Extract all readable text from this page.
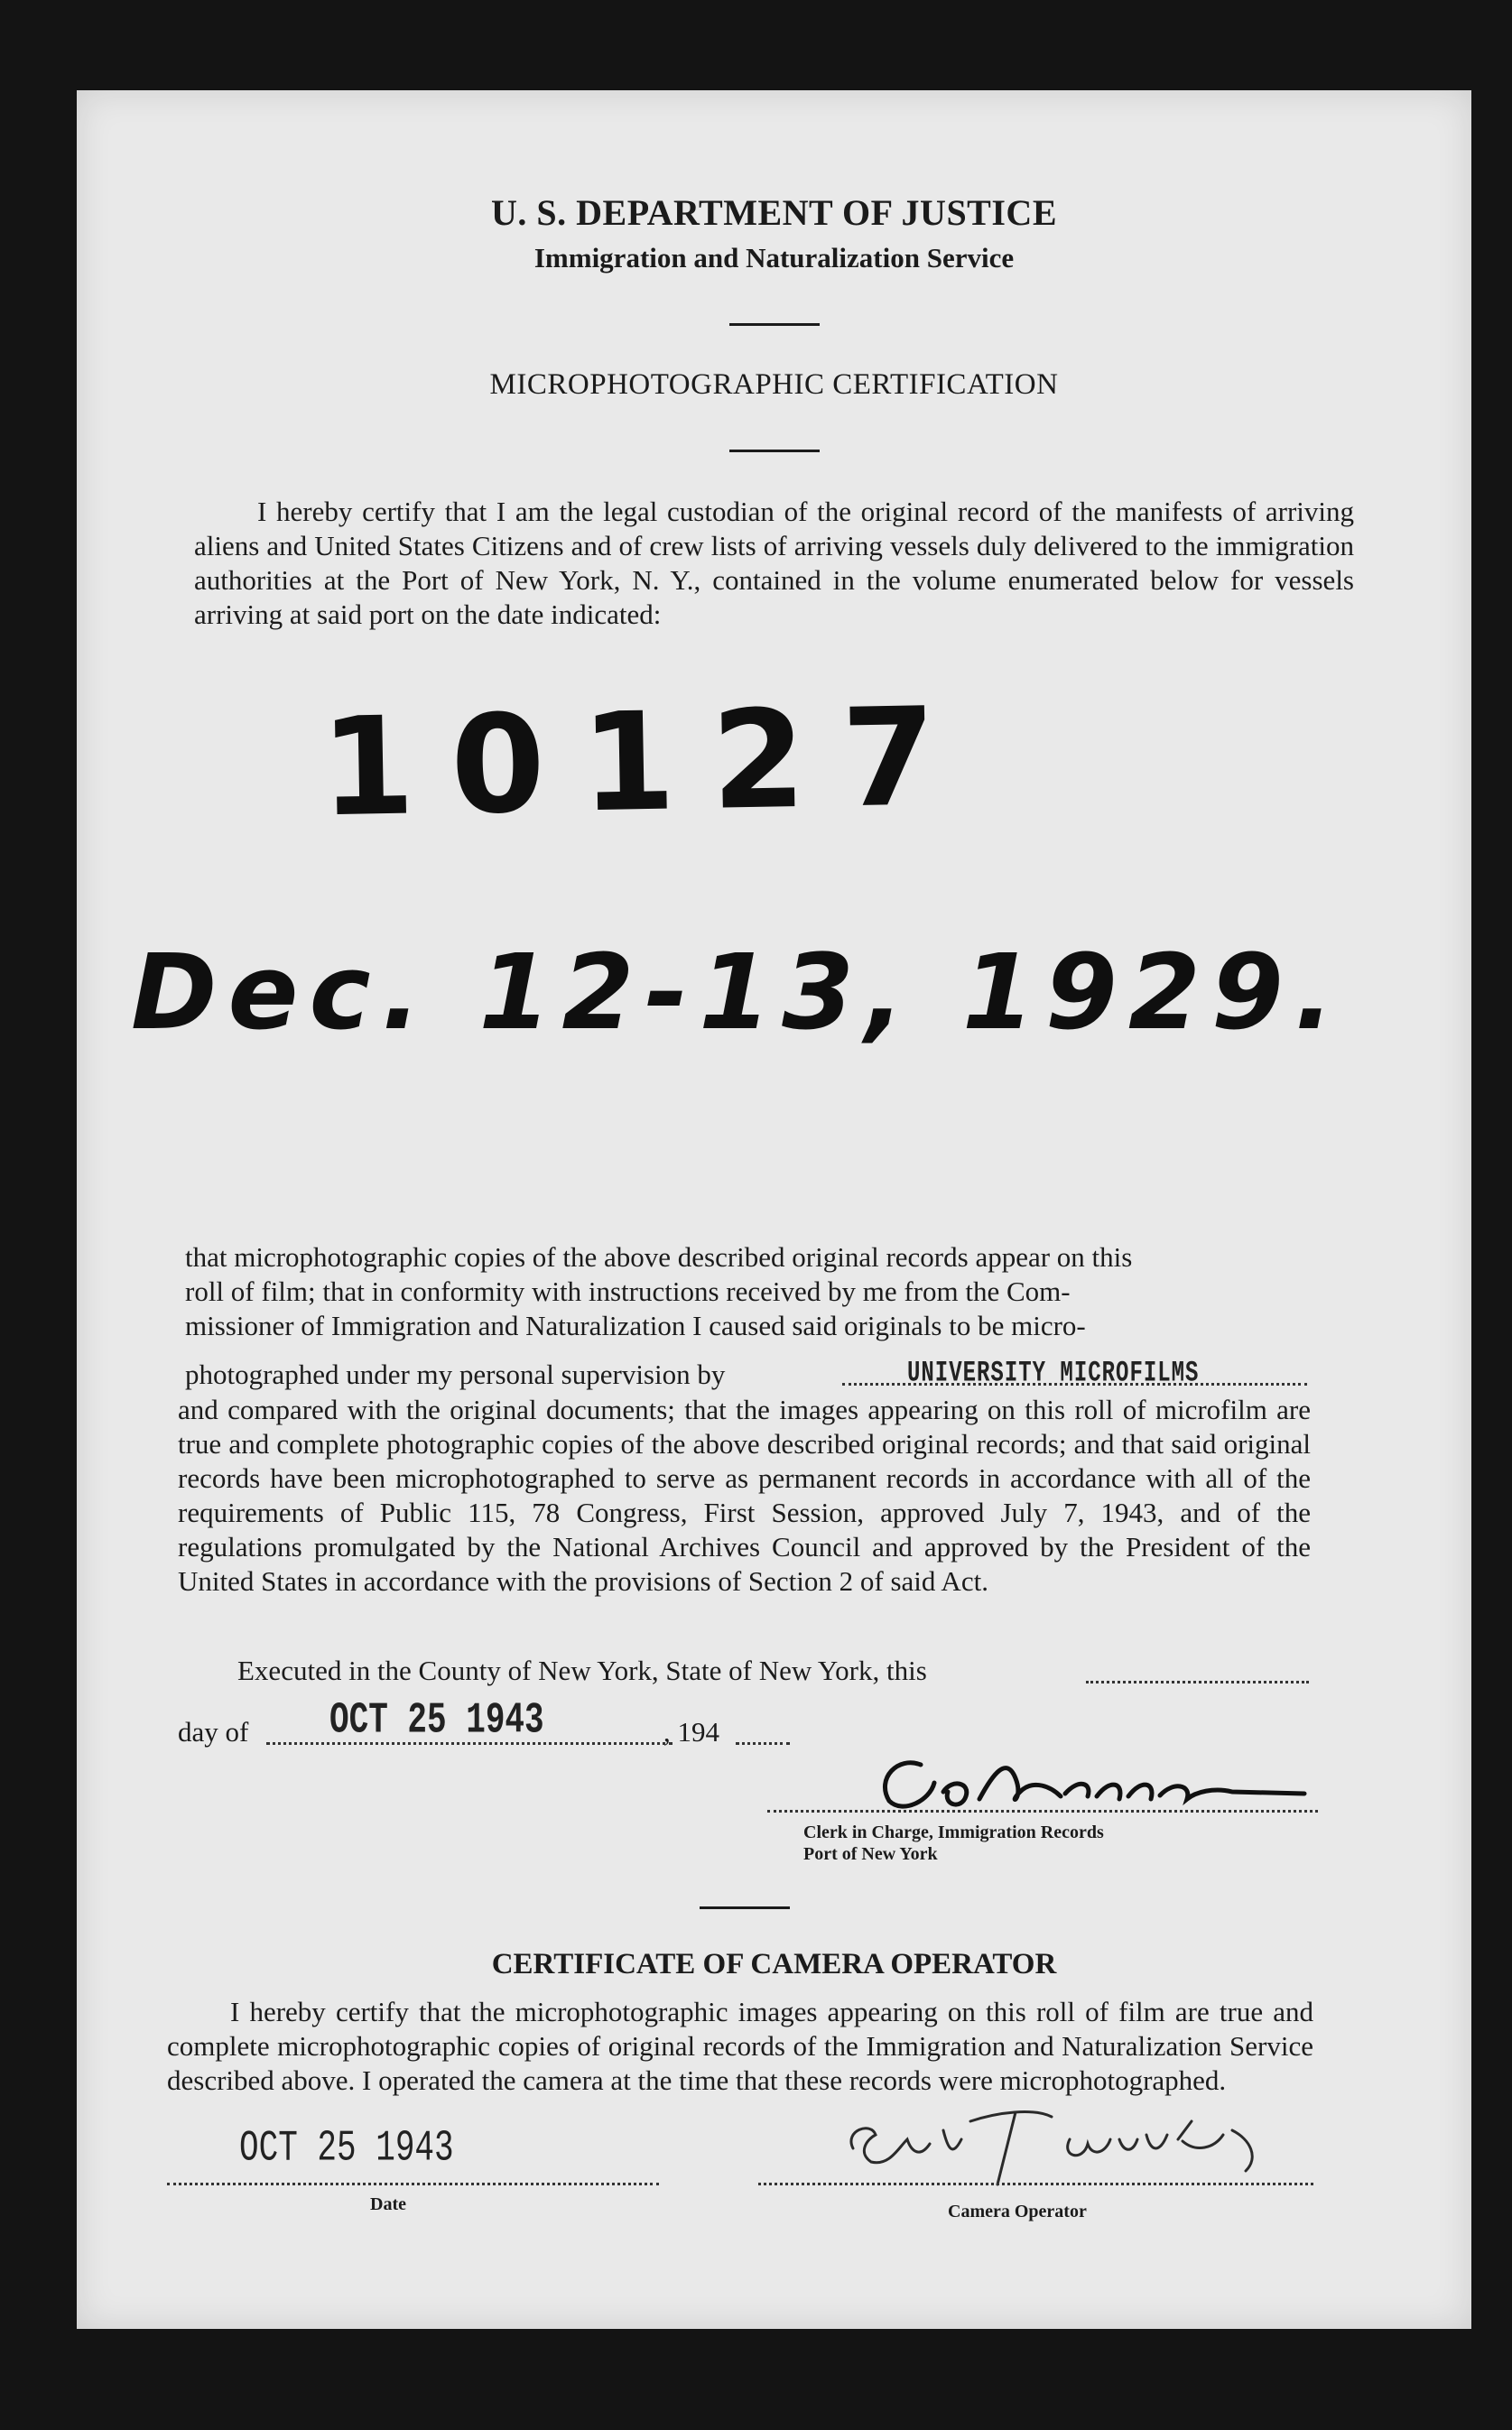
U. S. DEPARTMENT OF JUSTICE
Immigration and Naturalization Service
MICROPHOTOGRAPHIC CERTIFICATION
I hereby certify that I am the legal custodian of the original record of the manifests of arriving aliens and United States Citizens and of crew lists of arriving vessels duly delivered to the immigration authorities at the Port of New York, N. Y., contained in the volume enumerated below for vessels arriving at said port on the date indicated:
10127
Dec. 12-13, 1929.
that microphotographic copies of the above described original records appear on this
roll of film; that in conformity with instructions received by me from the Com-
missioner of Immigration and Naturalization I caused said originals to be micro-
photographed under my personal supervision by	UNIVERSITY MICROFILMS
and compared with the original documents; that the images appearing on this roll of microfilm are true and complete photographic copies of the above described original records; and that said original records have been microphotographed to serve as permanent records in accordance with all of the requirements of Public 115, 78 Congress, First Session, approved July 7, 1943, and of the regulations promulgated by the National Archives Council and approved by the President of the United States in accordance with the provisions of Section 2 of said Act.
Executed in the County of New York, State of New York, this
day of OCT 25 1943	, 194
Clerk in Charge, Immigration Records
Port of New York
CERTIFICATE OF CAMERA OPERATOR
I hereby certify that the microphotographic images appearing on this roll of film are true and complete microphotographic copies of original records of the Immigration and Naturalization Service described above. I operated the camera at the time that these records were microphotographed.
OCT 25 1943
Date	Camera Operator
